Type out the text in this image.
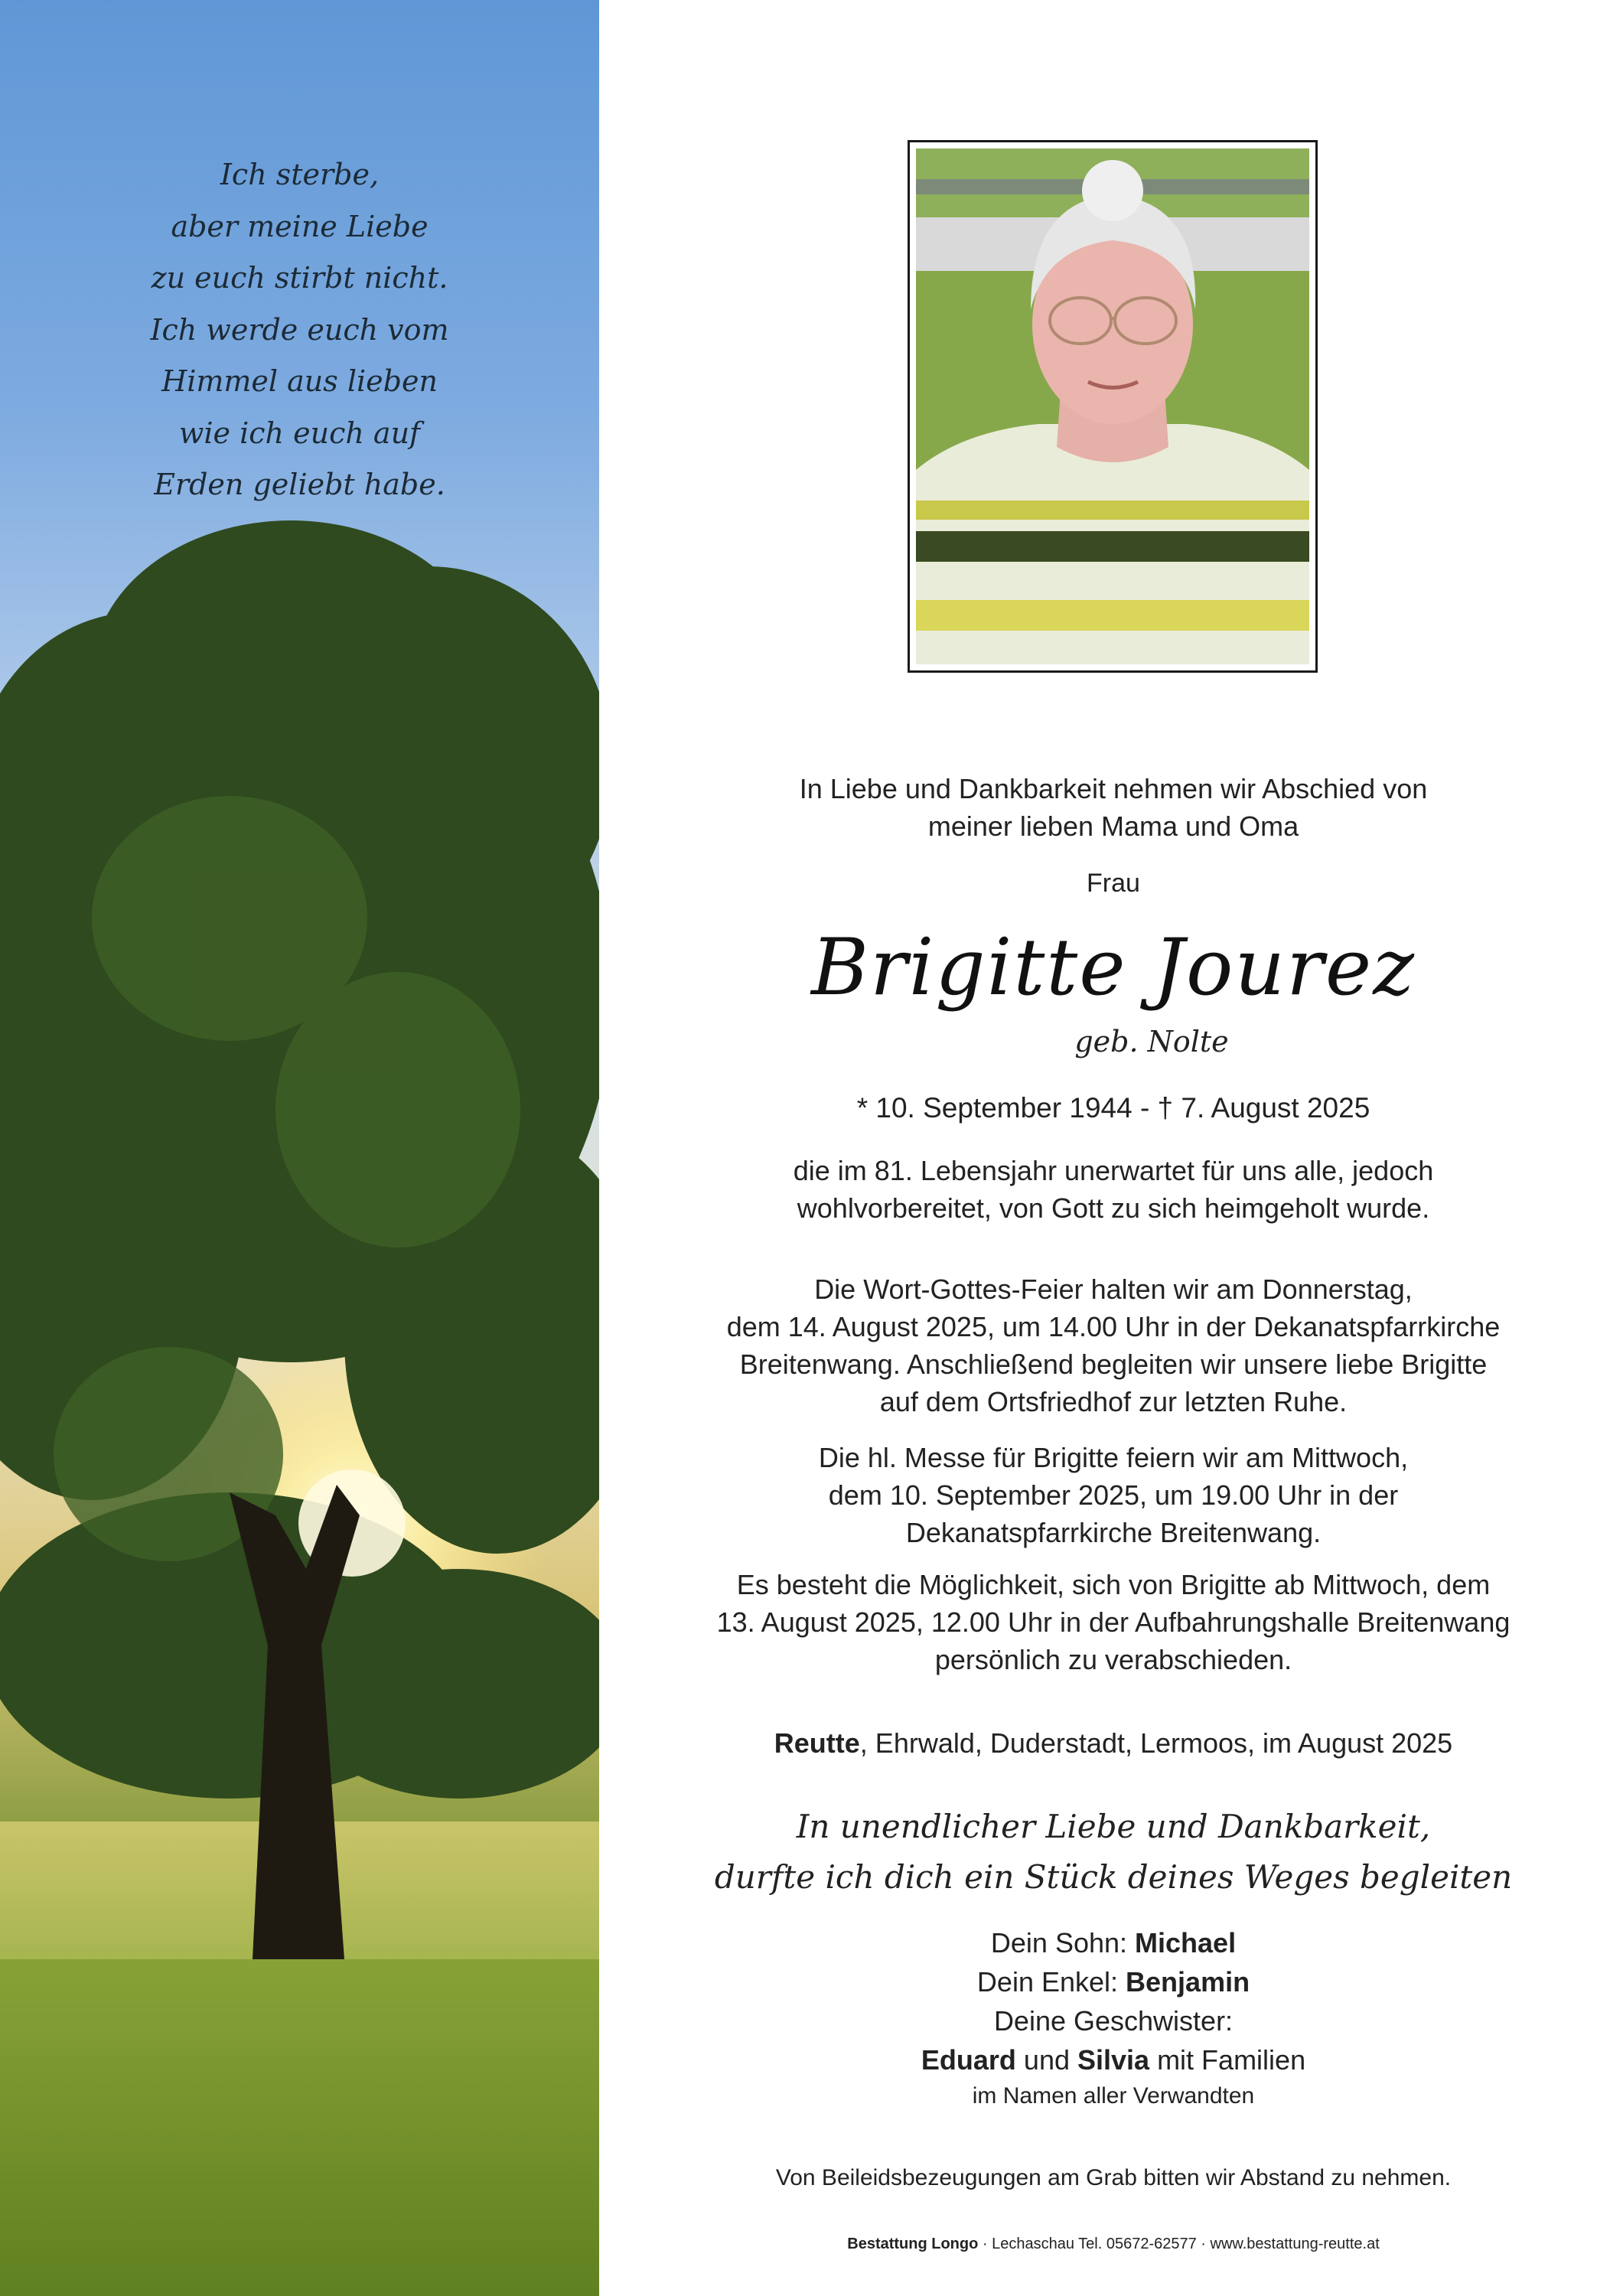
Ich sterbe,
aber meine Liebe
zu euch stirbt nicht.
Ich werde euch vom
Himmel aus lieben
wie ich euch auf
Erden geliebt habe.
In Liebe und Dankbarkeit nehmen wir Abschied von
meiner lieben Mama und Oma
Frau
Brigitte Jourez
geb. Nolte
* 10. September 1944 - † 7. August 2025
die im 81. Lebensjahr unerwartet für uns alle, jedoch
wohlvorbereitet, von Gott zu sich heimgeholt wurde.
Die Wort-Gottes-Feier halten wir am Donnerstag,
dem 14. August 2025, um 14.00 Uhr in der Dekanatspfarrkirche
Breitenwang. Anschließend begleiten wir unsere liebe Brigitte
auf dem Ortsfriedhof zur letzten Ruhe.
Die hl. Messe für Brigitte feiern wir am Mittwoch,
dem 10. September 2025, um 19.00 Uhr in der
Dekanatspfarrkirche Breitenwang.
Es besteht die Möglichkeit, sich von Brigitte ab Mittwoch, dem
13. August 2025, 12.00 Uhr in der Aufbahrungshalle Breitenwang
persönlich zu verabschieden.
Reutte, Ehrwald, Duderstadt, Lermoos, im August 2025
In unendlicher Liebe und Dankbarkeit,
durfte ich dich ein Stück deines Weges begleiten
Dein Sohn: Michael
Dein Enkel: Benjamin
Deine Geschwister:
Eduard und Silvia mit Familien
im Namen aller Verwandten
Von Beileidsbezeugungen am Grab bitten wir Abstand zu nehmen.
Bestattung Longo · Lechaschau Tel. 05672-62577 · www.bestattung-reutte.at
